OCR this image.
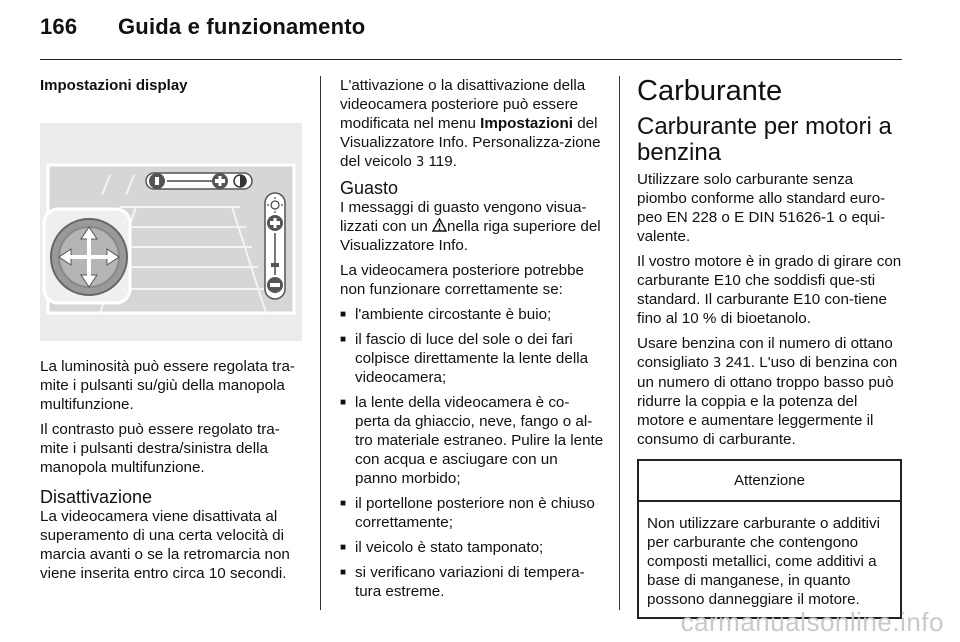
166 Guida e funzionamento
Impostazioni display

La luminosità può essere regolata tra-mite i pulsanti su/giù della manopola multifunzione.

Il contrasto può essere regolato tra-mite i pulsanti destra/sinistra della manopola multifunzione.

Disattivazione

La videocamera viene disattivata al superamento di una certa velocità di marcia avanti o se la retromarcia non viene inserita entro circa 10 secondi.

L'attivazione o la disattivazione della videocamera posteriore può essere modificata nel menu Impostazioni del Visualizzatore Info. Personalizza-zione del veicolo 3 119.

Guasto

I messaggi di guasto vengono visua-lizzati con un nella riga superiore del Visualizzatore Info.

La videocamera posteriore potrebbe non funzionare correttamente se:

■ l'ambiente circostante è buio;
■ il fascio di luce del sole o dei fari colpisce direttamente la lente della videocamera;
■ la lente della videocamera è co-perta da ghiaccio, neve, fango o al-tro materiale estraneo. Pulire la lente con acqua e asciugare con un panno morbido;
■ il portellone posteriore non è chiuso correttamente;
■ il veicolo è stato tamponato;
■ si verificano variazioni di tempera-tura estreme.
Carburante
Carburante per motori a benzina

Utilizzare solo carburante senza piombo conforme allo standard euro-peo EN 228 o E DIN 51626-1 o equi-valente.

Il vostro motore è in grado di girare con carburante E10 che soddisfi que-sti standard. Il carburante E10 con-tiene fino al 10 % di bioetanolo.

Usare benzina con il numero di ottano consigliato 3 241. L'uso di benzina con un numero di ottano troppo basso può ridurre la coppia e la potenza del motore e aumentare leggermente il consumo di carburante.

Attenzione
Non utilizzare carburante o additivi per carburante che contengono composti metallici, come additivi a base di manganese, in quanto possono danneggiare il motore.
carmanualsonline.info
